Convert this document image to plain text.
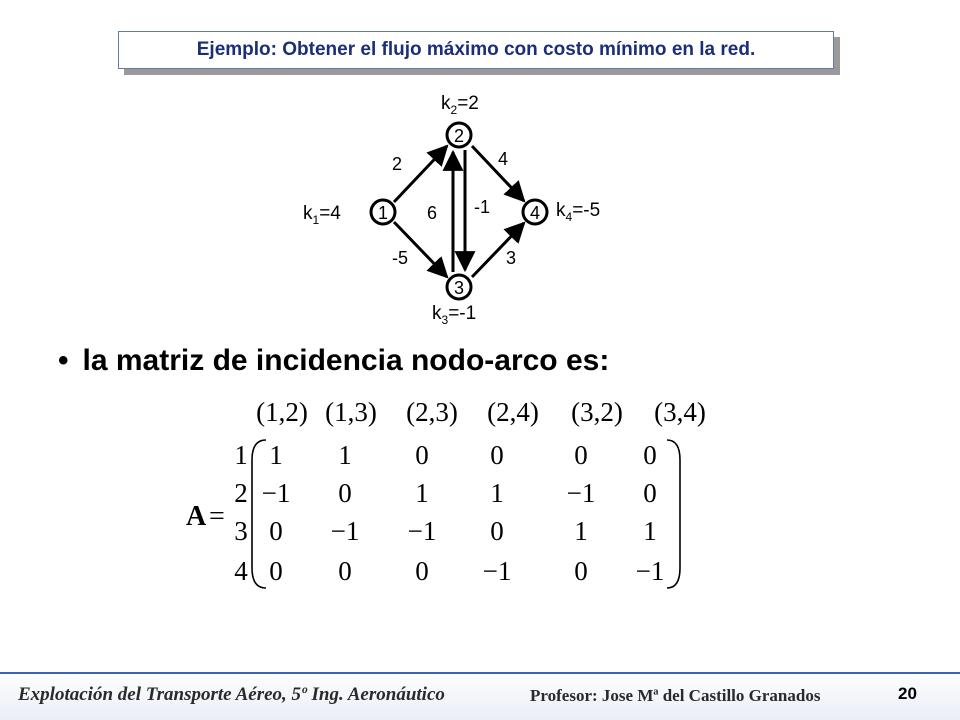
Ejemplo: Obtener el flujo máximo con costo mínimo en la red.
2
-5
6 -1
4
3
1
2
3
4
$k_1=4$
$k_2=2$
$k_3=-1$
$k_4=-5$
• la matriz de incidencia nodo-arco es:
(1,2) (1,3) (2,3) (2,4) (3,2) (3,4)
A =
1
2
3
4
1 1 0 0	0 0
−1 0 1 1 −1 0
0 −1 −1 0	1 1
0 0 0 −1 0 −1
Explotación del Transporte Aéreo, 5º Ing. Aeronáutico	Profesor: Jose Mª del Castillo Granados	20
